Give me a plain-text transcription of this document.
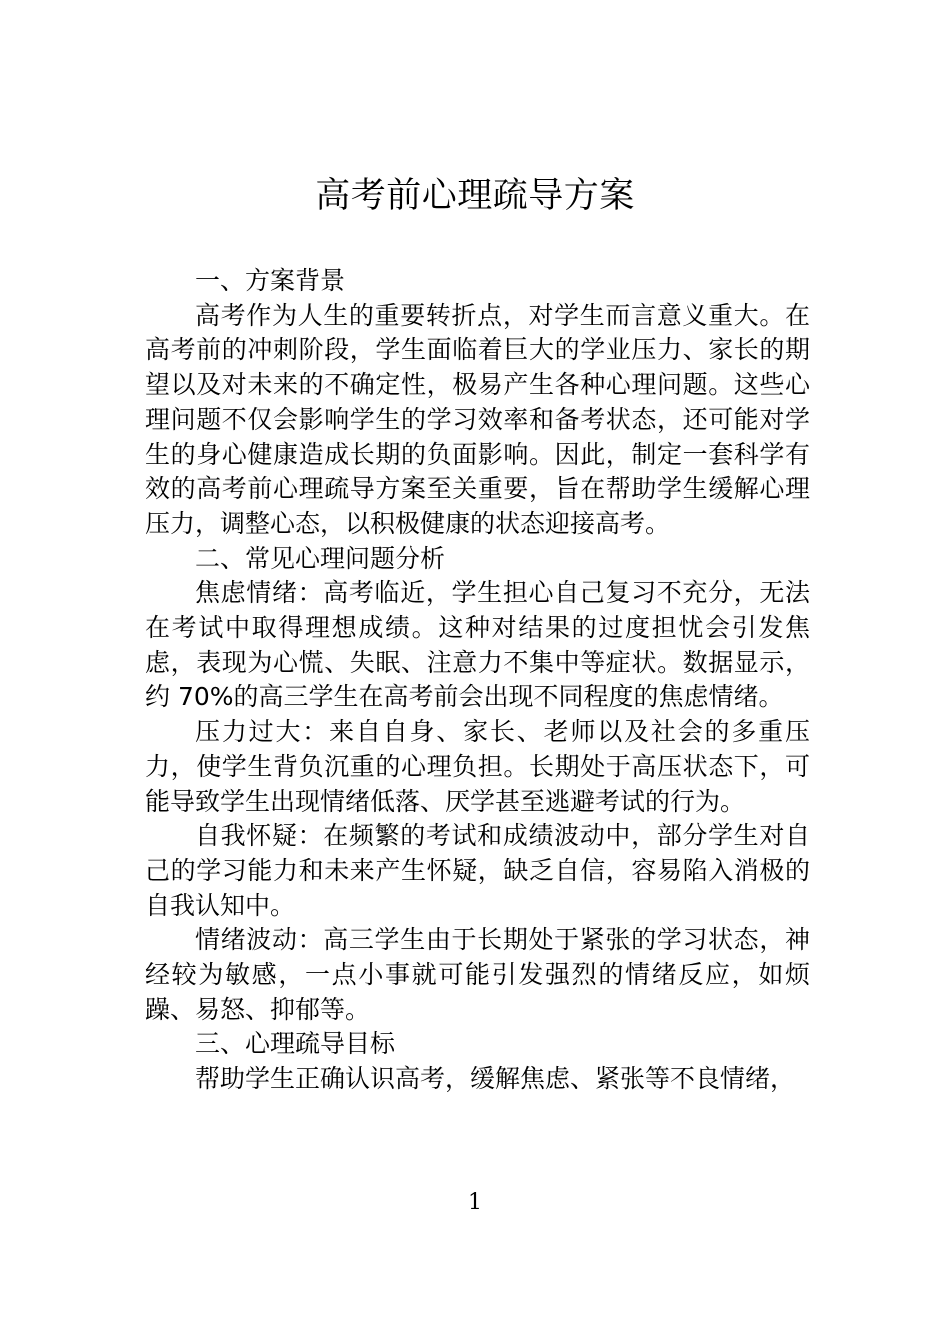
高考前心理疏导方案

一、方案背景

高考作为人生的重要转折点，对学生而言意义重大。在高考前的冲刺阶段，学生面临着巨大的学业压力、家长的期望以及对未来的不确定性，极易产生各种心理问题。这些心理问题不仅会影响学生的学习效率和备考状态，还可能对学生的身心健康造成长期的负面影响。因此，制定一套科学有效的高考前心理疏导方案至关重要，旨在帮助学生缓解心理压力，调整心态，以积极健康的状态迎接高考。

二、常见心理问题分析

焦虑情绪：高考临近，学生担心自己复习不充分，无法在考试中取得理想成绩。这种对结果的过度担忧会引发焦虑，表现为心慌、失眠、注意力不集中等症状。数据显示，约 70%的高三学生在高考前会出现不同程度的焦虑情绪。

压力过大：来自自身、家长、老师以及社会的多重压力，使学生背负沉重的心理负担。长期处于高压状态下，可能导致学生出现情绪低落、厌学甚至逃避考试的行为。

自我怀疑：在频繁的考试和成绩波动中，部分学生对自己的学习能力和未来产生怀疑，缺乏自信，容易陷入消极的自我认知中。

情绪波动：高三学生由于长期处于紧张的学习状态，神经较为敏感，一点小事就可能引发强烈的情绪反应，如烦躁、易怒、抑郁等。

三、心理疏导目标

帮助学生正确认识高考，缓解焦虑、紧张等不良情绪，

1
